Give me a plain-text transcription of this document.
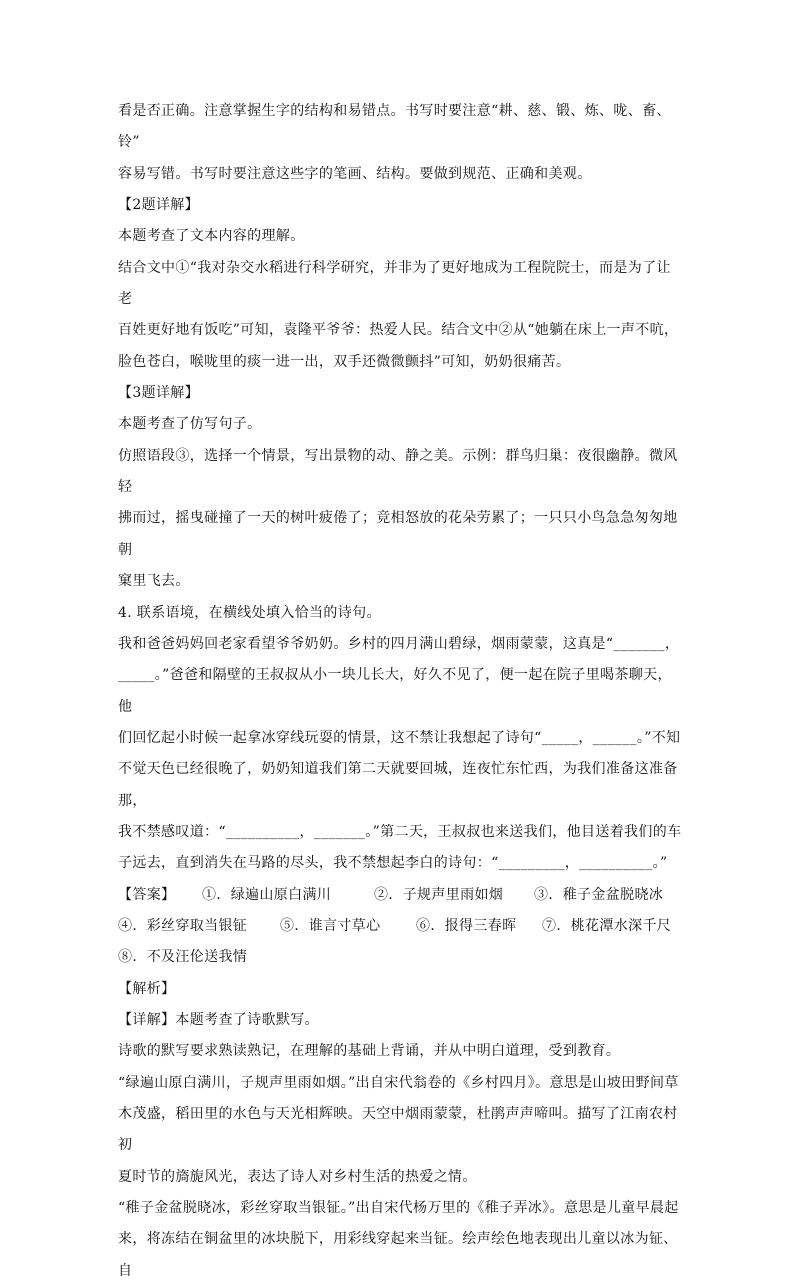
看是否正确。注意掌握生字的结构和易错点。书写时要注意“耕、慈、锻、炼、咙、畜、铃”
容易写错。书写时要注意这些字的笔画、结构。要做到规范、正确和美观。
【2题详解】
本题考查了文本内容的理解。
结合文中①“我对杂交水稻进行科学研究，并非为了更好地成为工程院院士，而是为了让老
百姓更好地有饭吃”可知，袁隆平爷爷：热爱人民。结合文中②从“她躺在床上一声不吭，
脸色苍白，喉咙里的痰一进一出，双手还微微颤抖”可知，奶奶很痛苦。
【3题详解】
本题考查了仿写句子。
仿照语段③，选择一个情景，写出景物的动、静之美。示例：群鸟归巢：夜很幽静。微风轻
拂而过，摇曳碰撞了一天的树叶疲倦了；竞相怒放的花朵劳累了；一只只小鸟急急匆匆地朝
窠里飞去。
4. 联系语境，在横线处填入恰当的诗句。
我和爸爸妈妈回老家看望爷爷奶奶。乡村的四月满山碧绿，烟雨蒙蒙，这真是“_______，
_____。”爸爸和隔壁的王叔叔从小一块儿长大，好久不见了，便一起在院子里喝茶聊天，他
们回忆起小时候一起拿冰穿线玩耍的情景，这不禁让我想起了诗句“_____，______。”不知
不觉天色已经很晚了，奶奶知道我们第二天就要回城，连夜忙东忙西，为我们准备这准备那，
我不禁感叹道：“__________，_______。”第二天，王叔叔也来送我们，他目送着我们的车
子远去，直到消失在马路的尽头，我不禁想起李白的诗句：“_________，__________。”
【答案】	①．绿遍山原白满川	②．子规声里雨如烟	③．稚子金盆脱晓冰
④．彩丝穿取当银钲	⑤．谁言寸草心	⑥．报得三春晖	⑦．桃花潭水深千尺
⑧．不及汪伦送我情
【解析】
【详解】本题考查了诗歌默写。
诗歌的默写要求熟读熟记，在理解的基础上背诵，并从中明白道理，受到教育。
“绿遍山原白满川，子规声里雨如烟。”出自宋代翁卷的《乡村四月》。意思是山坡田野间草
木茂盛，稻田里的水色与天光相辉映。天空中烟雨蒙蒙，杜鹃声声啼叫。描写了江南农村初
夏时节的旖旎风光，表达了诗人对乡村生活的热爱之情。
“稚子金盆脱晓冰，彩丝穿取当银钲。”出自宋代杨万里的《稚子弄冰》。意思是儿童早晨起
来，将冻结在铜盆里的冰块脱下，用彩线穿起来当钲。绘声绘色地表现出儿童以冰为钲、自
